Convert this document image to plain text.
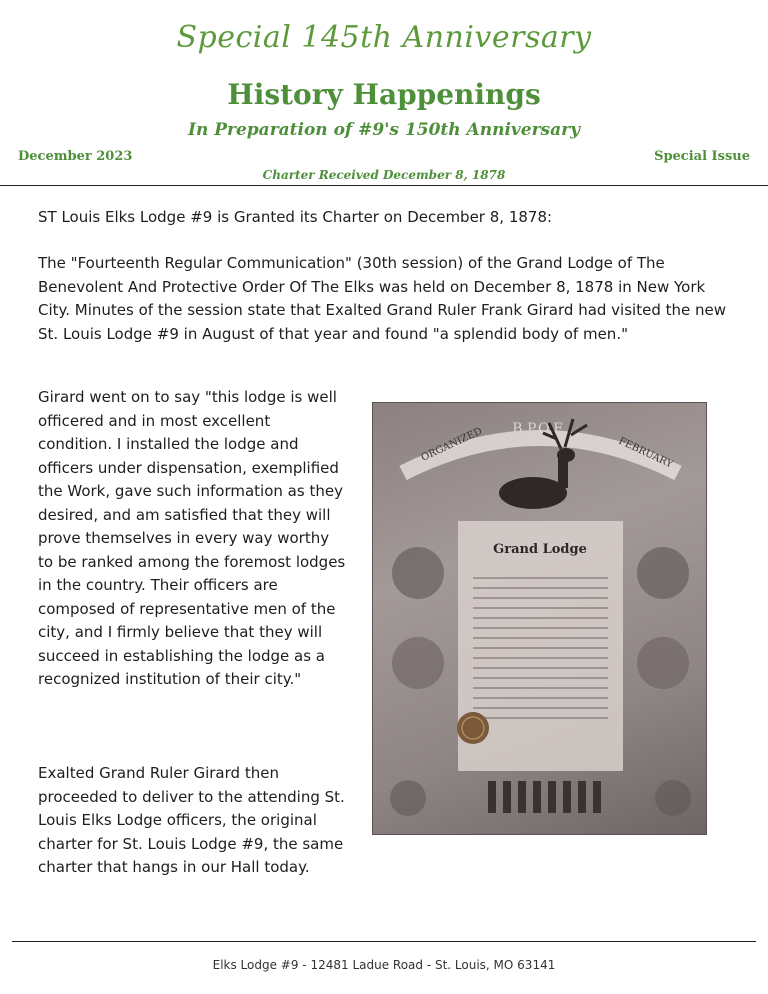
Special 145th Anniversary
History Happenings
In Preparation of #9's 150th Anniversary
December 2023	Special Issue
Charter Received December 8, 1878
ST Louis Elks Lodge #9 is Granted its Charter on December 8, 1878:
The "Fourteenth Regular Communication" (30th session) of the Grand Lodge of The Benevolent And Protective Order Of The Elks was held on December 8, 1878 in New York City. Minutes of the session state that Exalted Grand Ruler Frank Girard had visited the new St. Louis Lodge #9 in August of that year and found "a splendid body of men."
Girard went on to say "this lodge is well officered and in most excellent condition. I installed the lodge and officers under dispensation, exemplified the Work, gave such information as they desired, and am satisfied that they will prove themselves in every way worthy to be ranked among the foremost lodges in the country. Their officers are composed of representative men of the city, and I firmly believe that they will succeed in establishing the lodge as a recognized institution of their city."
Exalted Grand Ruler Girard then proceeded to deliver to the attending St. Louis Elks Lodge officers, the original charter for St. Louis Lodge #9, the same charter that hangs in our Hall today.
ORGANIZED	FEBRUARY
B.P.O.E.
Grand Lodge
Elks Lodge #9 - 12481 Ladue Road - St. Louis, MO 63141
